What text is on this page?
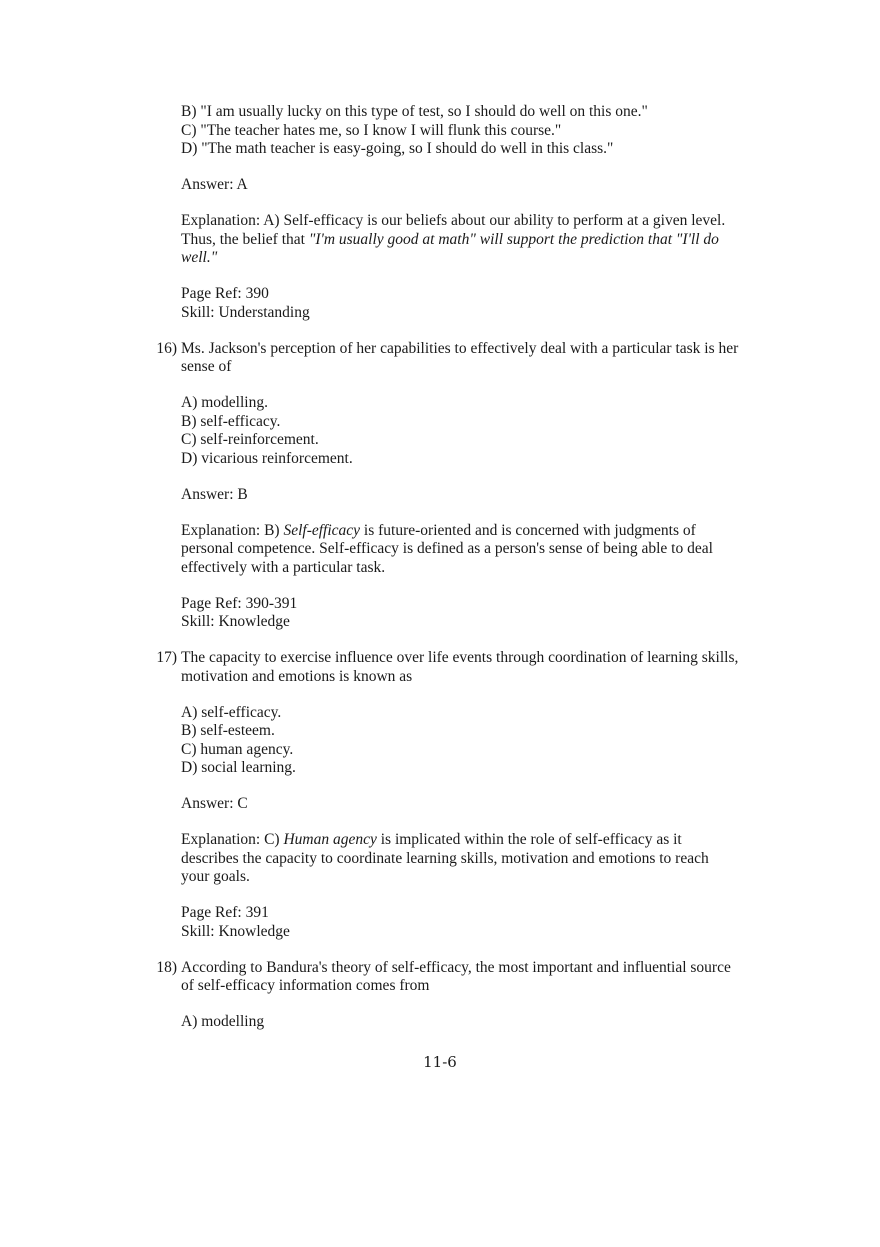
B) "I am usually lucky on this type of test, so I should do well on this one."
C) "The teacher hates me, so I know I will flunk this course."
D) "The math teacher is easy-going, so I should do well in this class."
Answer: A
Explanation: A) Self-efficacy is our beliefs about our ability to perform at a given level.
Thus, the belief that "I'm usually good at math" will support the prediction that "I'll do
well."
Page Ref: 390
Skill: Understanding
16) Ms. Jackson's perception of her capabilities to effectively deal with a particular task is her
sense of
A) modelling.
B) self-efficacy.
C) self-reinforcement.
D) vicarious reinforcement.
Answer: B
Explanation: B) Self-efficacy is future-oriented and is concerned with judgments of
personal competence. Self-efficacy is defined as a person's sense of being able to deal
effectively with a particular task.
Page Ref: 390-391
Skill: Knowledge
17) The capacity to exercise influence over life events through coordination of learning skills,
motivation and emotions is known as
A) self-efficacy.
B) self-esteem.
C) human agency.
D) social learning.
Answer: C
Explanation: C) Human agency is implicated within the role of self-efficacy as it
describes the capacity to coordinate learning skills, motivation and emotions to reach
your goals.
Page Ref: 391
Skill: Knowledge
18) According to Bandura's theory of self-efficacy, the most important and influential source
of self-efficacy information comes from
A) modelling
11-6
